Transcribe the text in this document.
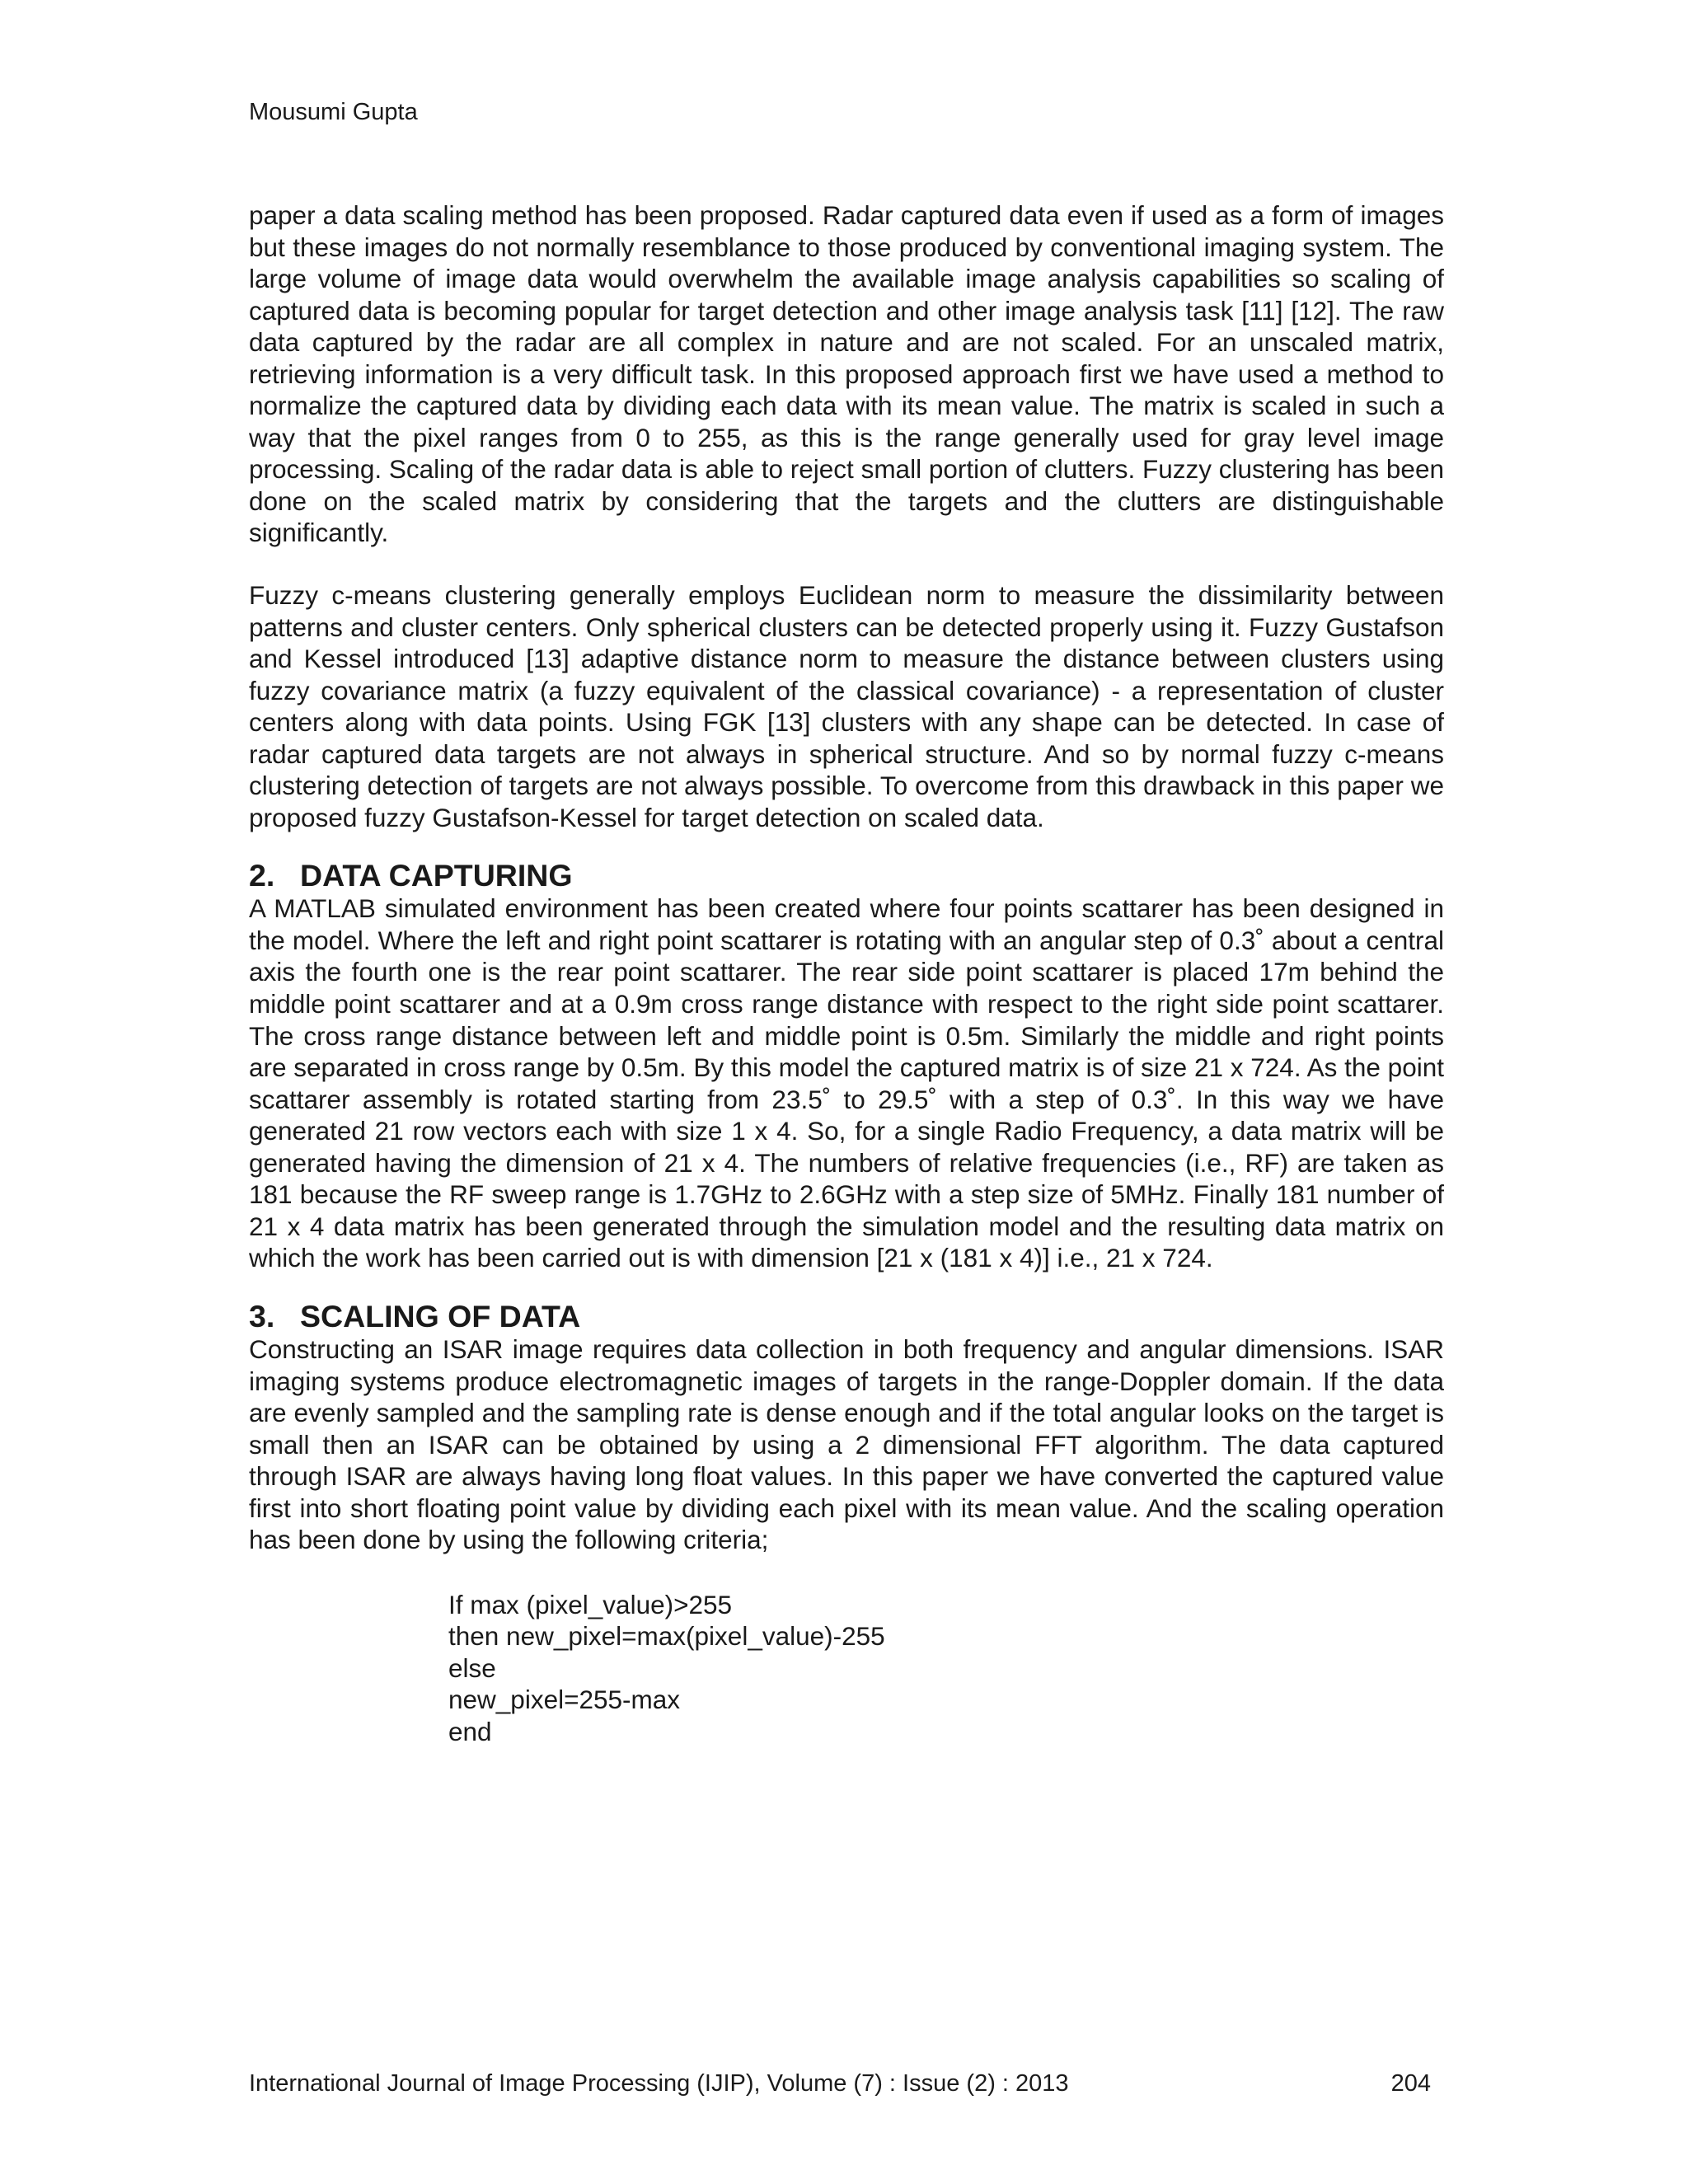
Mousumi Gupta

paper a data scaling method has been proposed. Radar captured data even if used as a form of images but these images do not normally resemblance to those produced by conventional imaging system. The large volume of image data would overwhelm the available image analysis capabilities so scaling of captured data is becoming popular for target detection and other image analysis task [11] [12]. The raw data captured by the radar are all complex in nature and are not scaled. For an unscaled matrix, retrieving information is a very difficult task. In this proposed approach first we have used a method to normalize the captured data by dividing each data with its mean value. The matrix is scaled in such a way that the pixel ranges from 0 to 255, as this is the range generally used for gray level image processing. Scaling of the radar data is able to reject small portion of clutters. Fuzzy clustering has been done on the scaled matrix by considering that the targets and the clutters are distinguishable significantly.

Fuzzy c-means clustering generally employs Euclidean norm to measure the dissimilarity between patterns and cluster centers. Only spherical clusters can be detected properly using it. Fuzzy Gustafson and Kessel introduced [13] adaptive distance norm to measure the distance between clusters using fuzzy covariance matrix (a fuzzy equivalent of the classical covariance) - a representation of cluster centers along with data points. Using FGK [13] clusters with any shape can be detected. In case of radar captured data targets are not always in spherical structure. And so by normal fuzzy c-means clustering detection of targets are not always possible. To overcome from this drawback in this paper we proposed fuzzy Gustafson-Kessel for target detection on scaled data.

2. DATA CAPTURING

A MATLAB simulated environment has been created where four points scattarer has been designed in the model. Where the left and right point scattarer is rotating with an angular step of 0.3˚ about a central axis the fourth one is the rear point scattarer. The rear side point scattarer is placed 17m behind the middle point scattarer and at a 0.9m cross range distance with respect to the right side point scattarer. The cross range distance between left and middle point is 0.5m. Similarly the middle and right points are separated in cross range by 0.5m. By this model the captured matrix is of size 21 x 724. As the point scattarer assembly is rotated starting from 23.5˚ to 29.5˚ with a step of 0.3˚. In this way we have generated 21 row vectors each with size 1 x 4. So, for a single Radio Frequency, a data matrix will be generated having the dimension of 21 x 4. The numbers of relative frequencies (i.e., RF) are taken as 181 because the RF sweep range is 1.7GHz to 2.6GHz with a step size of 5MHz. Finally 181 number of 21 x 4 data matrix has been generated through the simulation model and the resulting data matrix on which the work has been carried out is with dimension [21 x (181 x 4)] i.e., 21 x 724.

3. SCALING OF DATA

Constructing an ISAR image requires data collection in both frequency and angular dimensions. ISAR imaging systems produce electromagnetic images of targets in the range-Doppler domain. If the data are evenly sampled and the sampling rate is dense enough and if the total angular looks on the target is small then an ISAR can be obtained by using a 2 dimensional FFT algorithm. The data captured through ISAR are always having long float values. In this paper we have converted the captured value first into short floating point value by dividing each pixel with its mean value. And the scaling operation has been done by using the following criteria;

If max (pixel_value)>255
then new_pixel=max(pixel_value)-255
else
new_pixel=255-max
end
International Journal of Image Processing (IJIP), Volume (7) : Issue (2) : 2013	204
